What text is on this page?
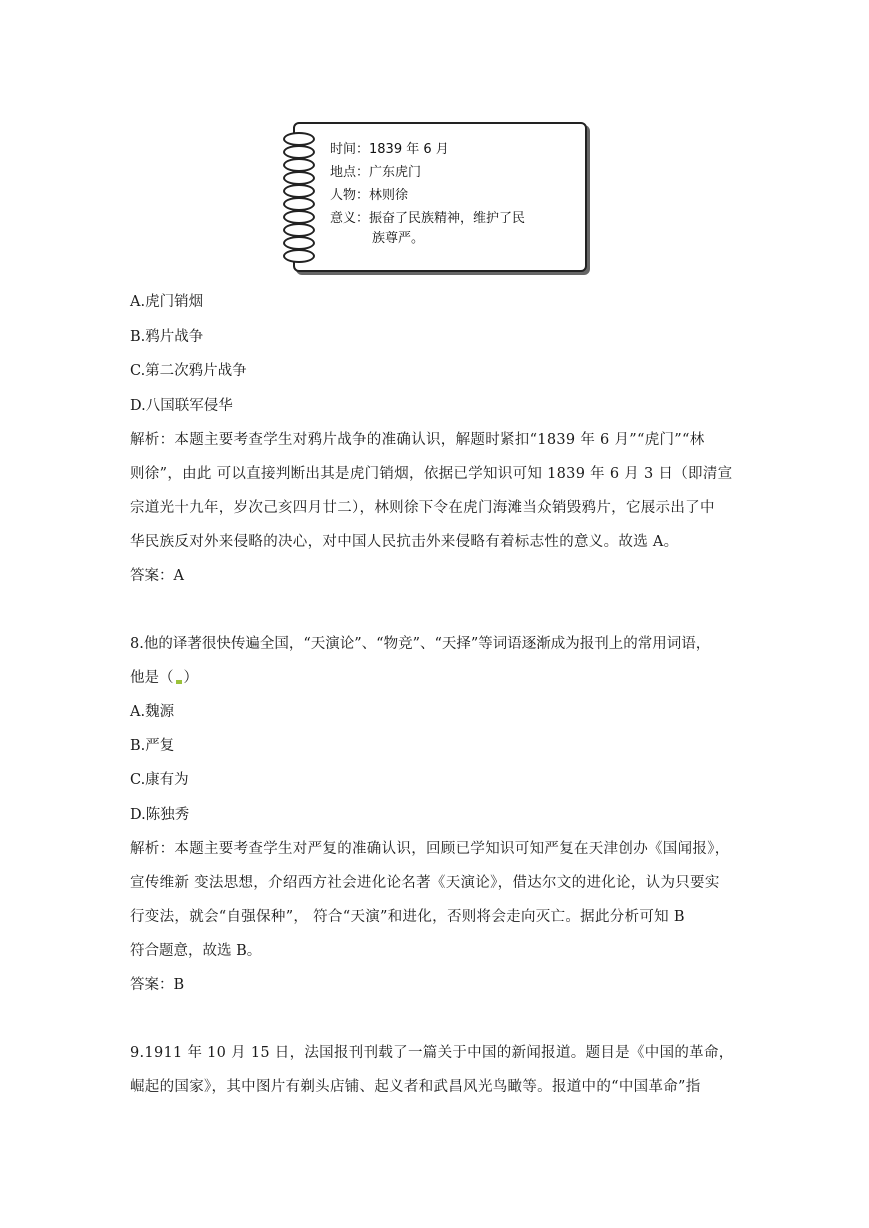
时间：1839 年 6 月
地点：广东虎门
人物：林则徐
意义：振奋了民族精神，维护了民
族尊严。
A.虎门销烟
B.鸦片战争
C.第二次鸦片战争
D.八国联军侵华
解析：本题主要考查学生对鸦片战争的准确认识，解题时紧扣“1839 年 6 月”“虎门”“林
则徐”，由此 可以直接判断出其是虎门销烟，依据已学知识可知 1839 年 6 月 3 日（即清宣
宗道光十九年，岁次己亥四月廿二），林则徐下令在虎门海滩当众销毁鸦片，它展示出了中
华民族反对外来侵略的决心，对中国人民抗击外来侵略有着标志性的意义。故选 A。
答案：A
8.他的译著很快传遍全国，“天演论”、“物竞”、“天择”等词语逐渐成为报刊上的常用词语，
他是（ ）
A.魏源
B.严复
C.康有为
D.陈独秀
解析：本题主要考查学生对严复的准确认识，回顾已学知识可知严复在天津创办《国闻报》，
宣传维新 变法思想，介绍西方社会进化论名著《天演论》，借达尔文的进化论，认为只要实
行变法，就会“自强保种”， 符合“天演”和进化，否则将会走向灭亡。据此分析可知 B
符合题意，故选 B。
答案：B
9.1911 年 10 月 15 日，法国报刊刊载了一篇关于中国的新闻报道。题目是《中国的革命，
崛起的国家》，其中图片有剃头店铺、起义者和武昌风光鸟瞰等。报道中的“中国革命”指
